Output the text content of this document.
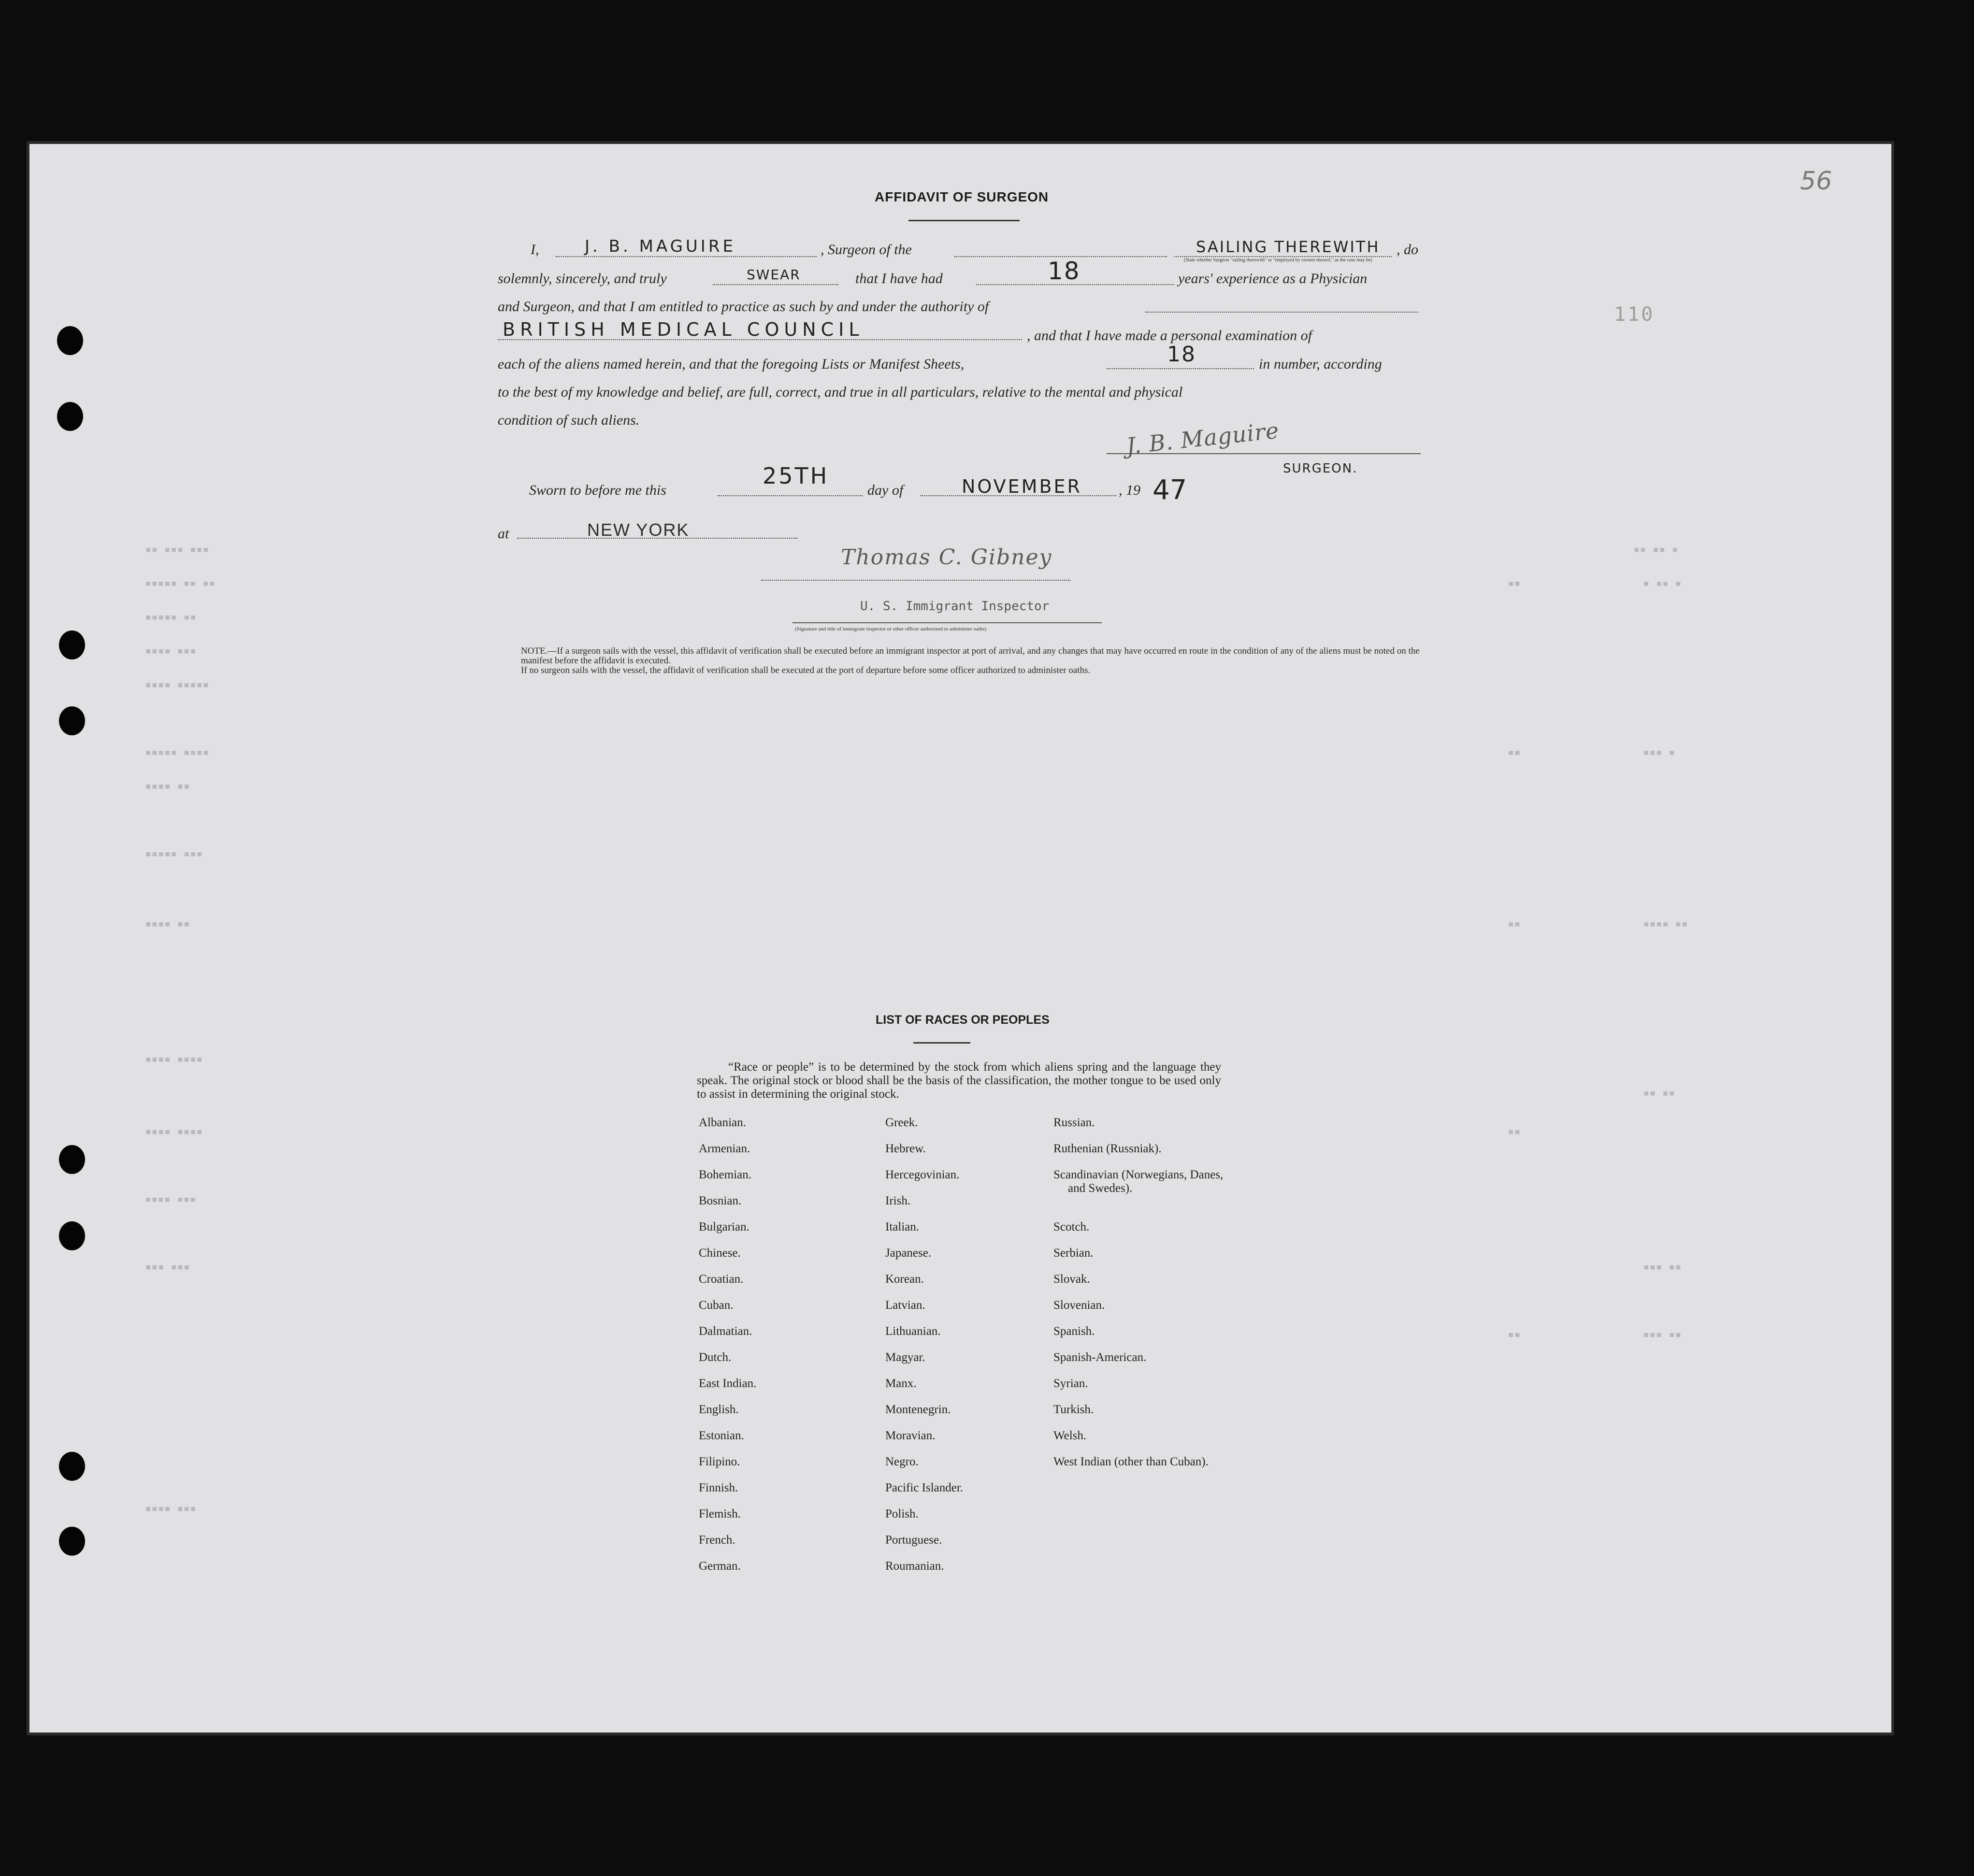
56
110
▪▪ ▪▪▪ ▪▪▪
▪▪▪▪▪ ▪▪ ▪▪
▪▪▪▪▪ ▪▪
▪▪▪▪ ▪▪▪
▪▪▪▪ ▪▪▪▪▪
▪▪▪▪▪ ▪▪▪▪
▪▪▪▪ ▪▪
▪▪▪▪▪ ▪▪▪
▪▪▪▪ ▪▪
▪▪▪▪ ▪▪▪▪
▪▪▪▪ ▪▪▪▪
▪▪▪▪ ▪▪▪
▪▪▪ ▪▪▪
▪▪▪▪ ▪▪▪
▪▪ ▪▪ ▪
▪ ▪▪ ▪
▪▪▪ ▪
▪▪▪▪ ▪▪
▪▪ ▪▪
▪▪▪ ▪▪
▪▪▪ ▪▪
▪▪
▪▪
▪▪
▪▪
▪▪
AFFIDAVIT OF SURGEON
I,	J. B. MAGUIRE	, Surgeon of the	SAILING THEREWITH
(State whether Surgeon "sailing therewith" or "employed by owners thereof," as the case may be)
, do
solemnly, sincerely, and truly	SWEAR	that I have had	18	years' experience as a Physician
and Surgeon, and that I am entitled to practice as such by and under the authority of
BRITISH MEDICAL COUNCIL	, and that I have made a personal examination of
each of the aliens named herein, and that the foregoing Lists or Manifest Sheets,	18	in number, according
to the best of my knowledge and belief, are full, correct, and true in all particulars, relative to the mental and physical
condition of such aliens.	J. B. Maguire
SURGEON.
Sworn to before me this
25TH
day of	NOVEMBER	, 19 47
at	NEW YORK
Thomas C. Gibney
U. S. Immigrant Inspector
(Signature and title of immigrant inspector or other officer authorized to administer oaths)

NOTE.—If a surgeon sails with the vessel, this affidavit of verification shall be executed before an immigrant inspector at port of arrival, and any changes that may have occurred en route in the condition of any of the aliens must be noted on the manifest before the affidavit is executed.

If no surgeon sails with the vessel, the affidavit of verification shall be executed at the port of departure before some officer authorized to administer oaths.

LIST OF RACES OR PEOPLES
“Race or people” is to be determined by the stock from which aliens spring and the language they speak. The original stock or blood shall be the basis of the classification, the mother tongue to be used only to assist in determining the original stock.
Albanian.
Armenian.
Bohemian.
Bosnian.
Bulgarian.
Chinese.
Croatian.
Cuban.
Dalmatian.
Dutch.
East Indian.
English.
Estonian.
Filipino.
Finnish.
Flemish.
French.
German.
Greek.
Hebrew.
Hercegovinian.
Irish.
Italian.
Japanese.
Korean.
Latvian.
Lithuanian.
Magyar.
Manx.
Montenegrin.
Moravian.
Negro.
Pacific Islander.
Polish.
Portuguese.
Roumanian.
Russian.
Ruthenian (Russniak).
Scandinavian (Norwegians, Danes, and Swedes).
Scotch.
Serbian.
Slovak.
Slovenian.
Spanish.
Spanish-American.
Syrian.
Turkish.
Welsh.
West Indian (other than Cuban).
